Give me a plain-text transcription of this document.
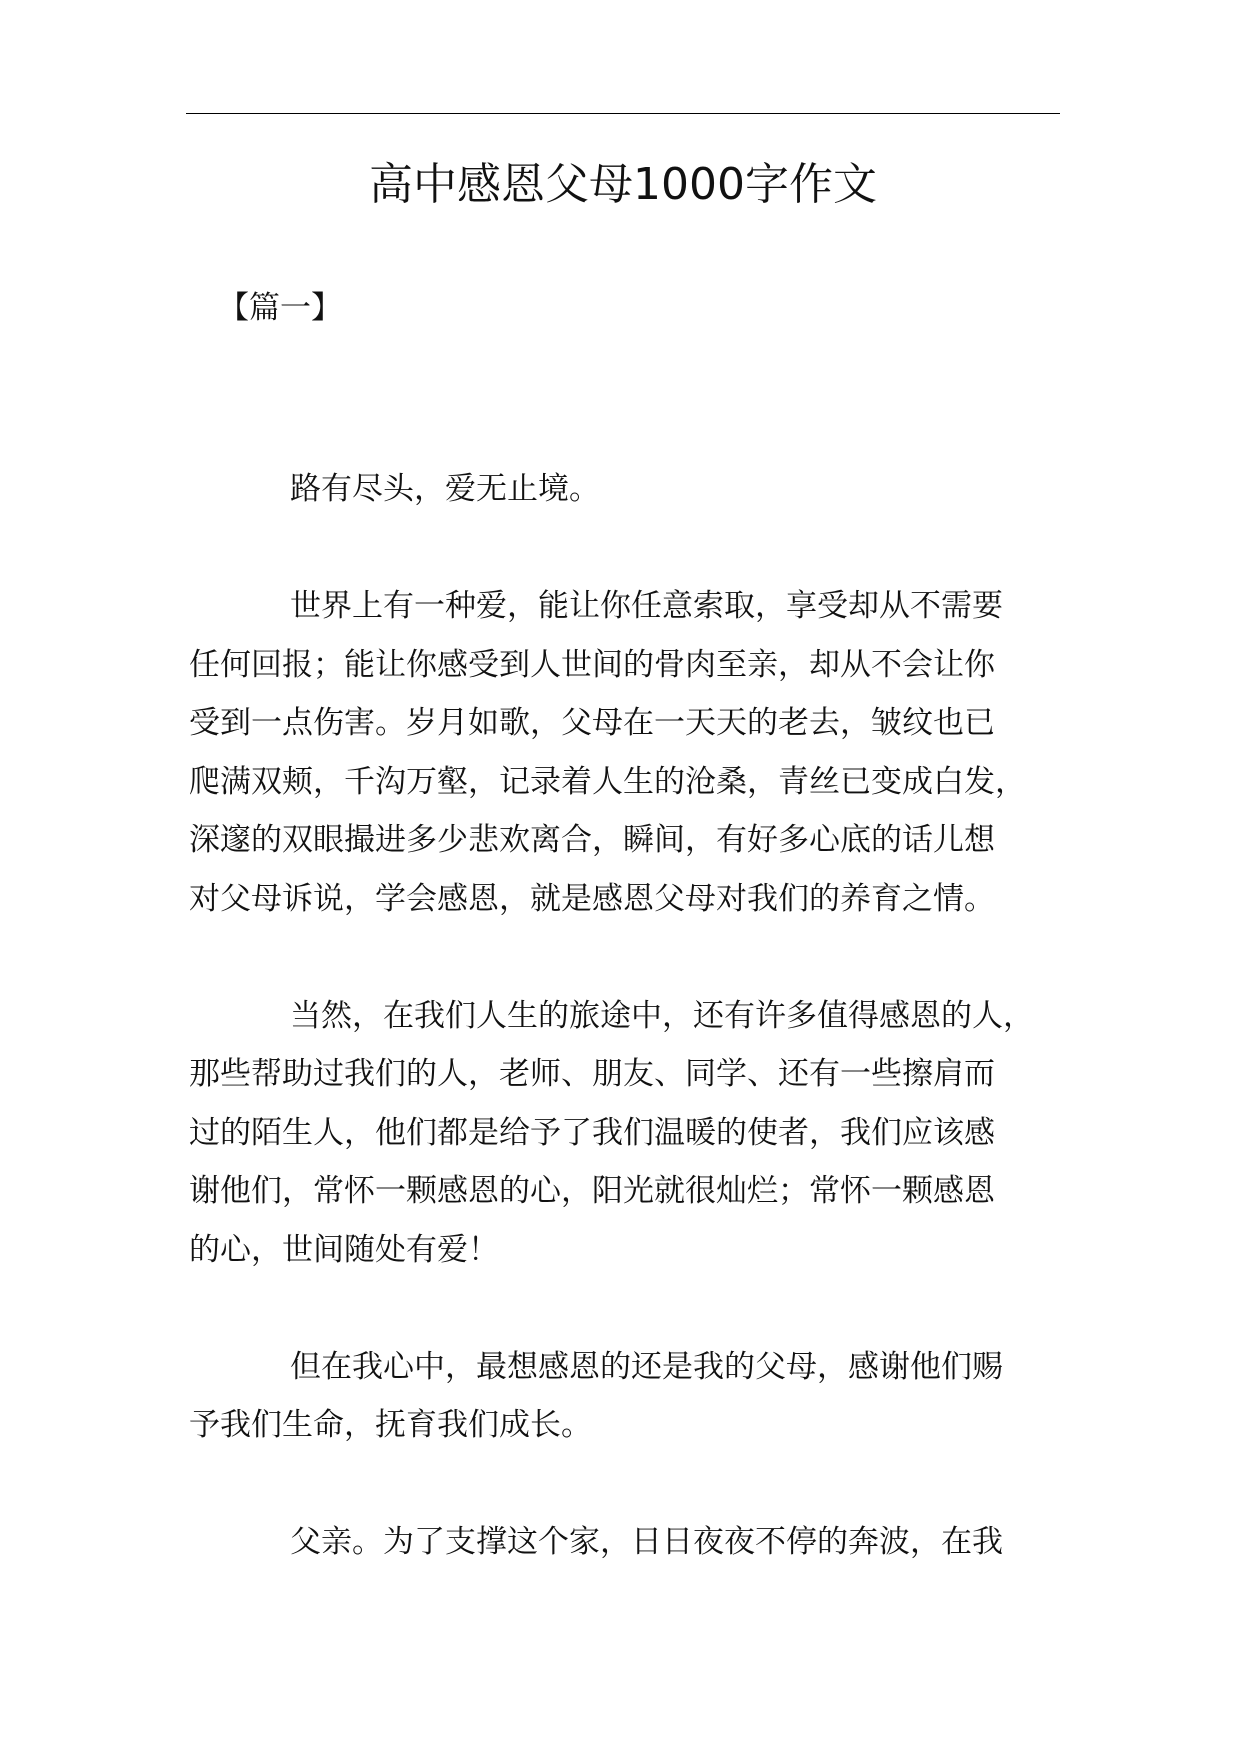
高中感恩父母1000字作文
【篇一】

路有尽头，爱无止境。

世界上有一种爱，能让你任意索取，享受却从不需要
任何回报；能让你感受到人世间的骨肉至亲，却从不会让你
受到一点伤害。岁月如歌，父母在一天天的老去，皱纹也已
爬满双颊，千沟万壑，记录着人生的沧桑，青丝已变成白发，
深邃的双眼撮进多少悲欢离合，瞬间，有好多心底的话儿想
对父母诉说，学会感恩，就是感恩父母对我们的养育之情。

当然，在我们人生的旅途中，还有许多值得感恩的人，
那些帮助过我们的人，老师、朋友、同学、还有一些擦肩而
过的陌生人，他们都是给予了我们温暖的使者，我们应该感
谢他们，常怀一颗感恩的心，阳光就很灿烂；常怀一颗感恩
的心，世间随处有爱！

但在我心中，最想感恩的还是我的父母，感谢他们赐
予我们生命，抚育我们成长。

父亲。为了支撑这个家，日日夜夜不停的奔波，在我
